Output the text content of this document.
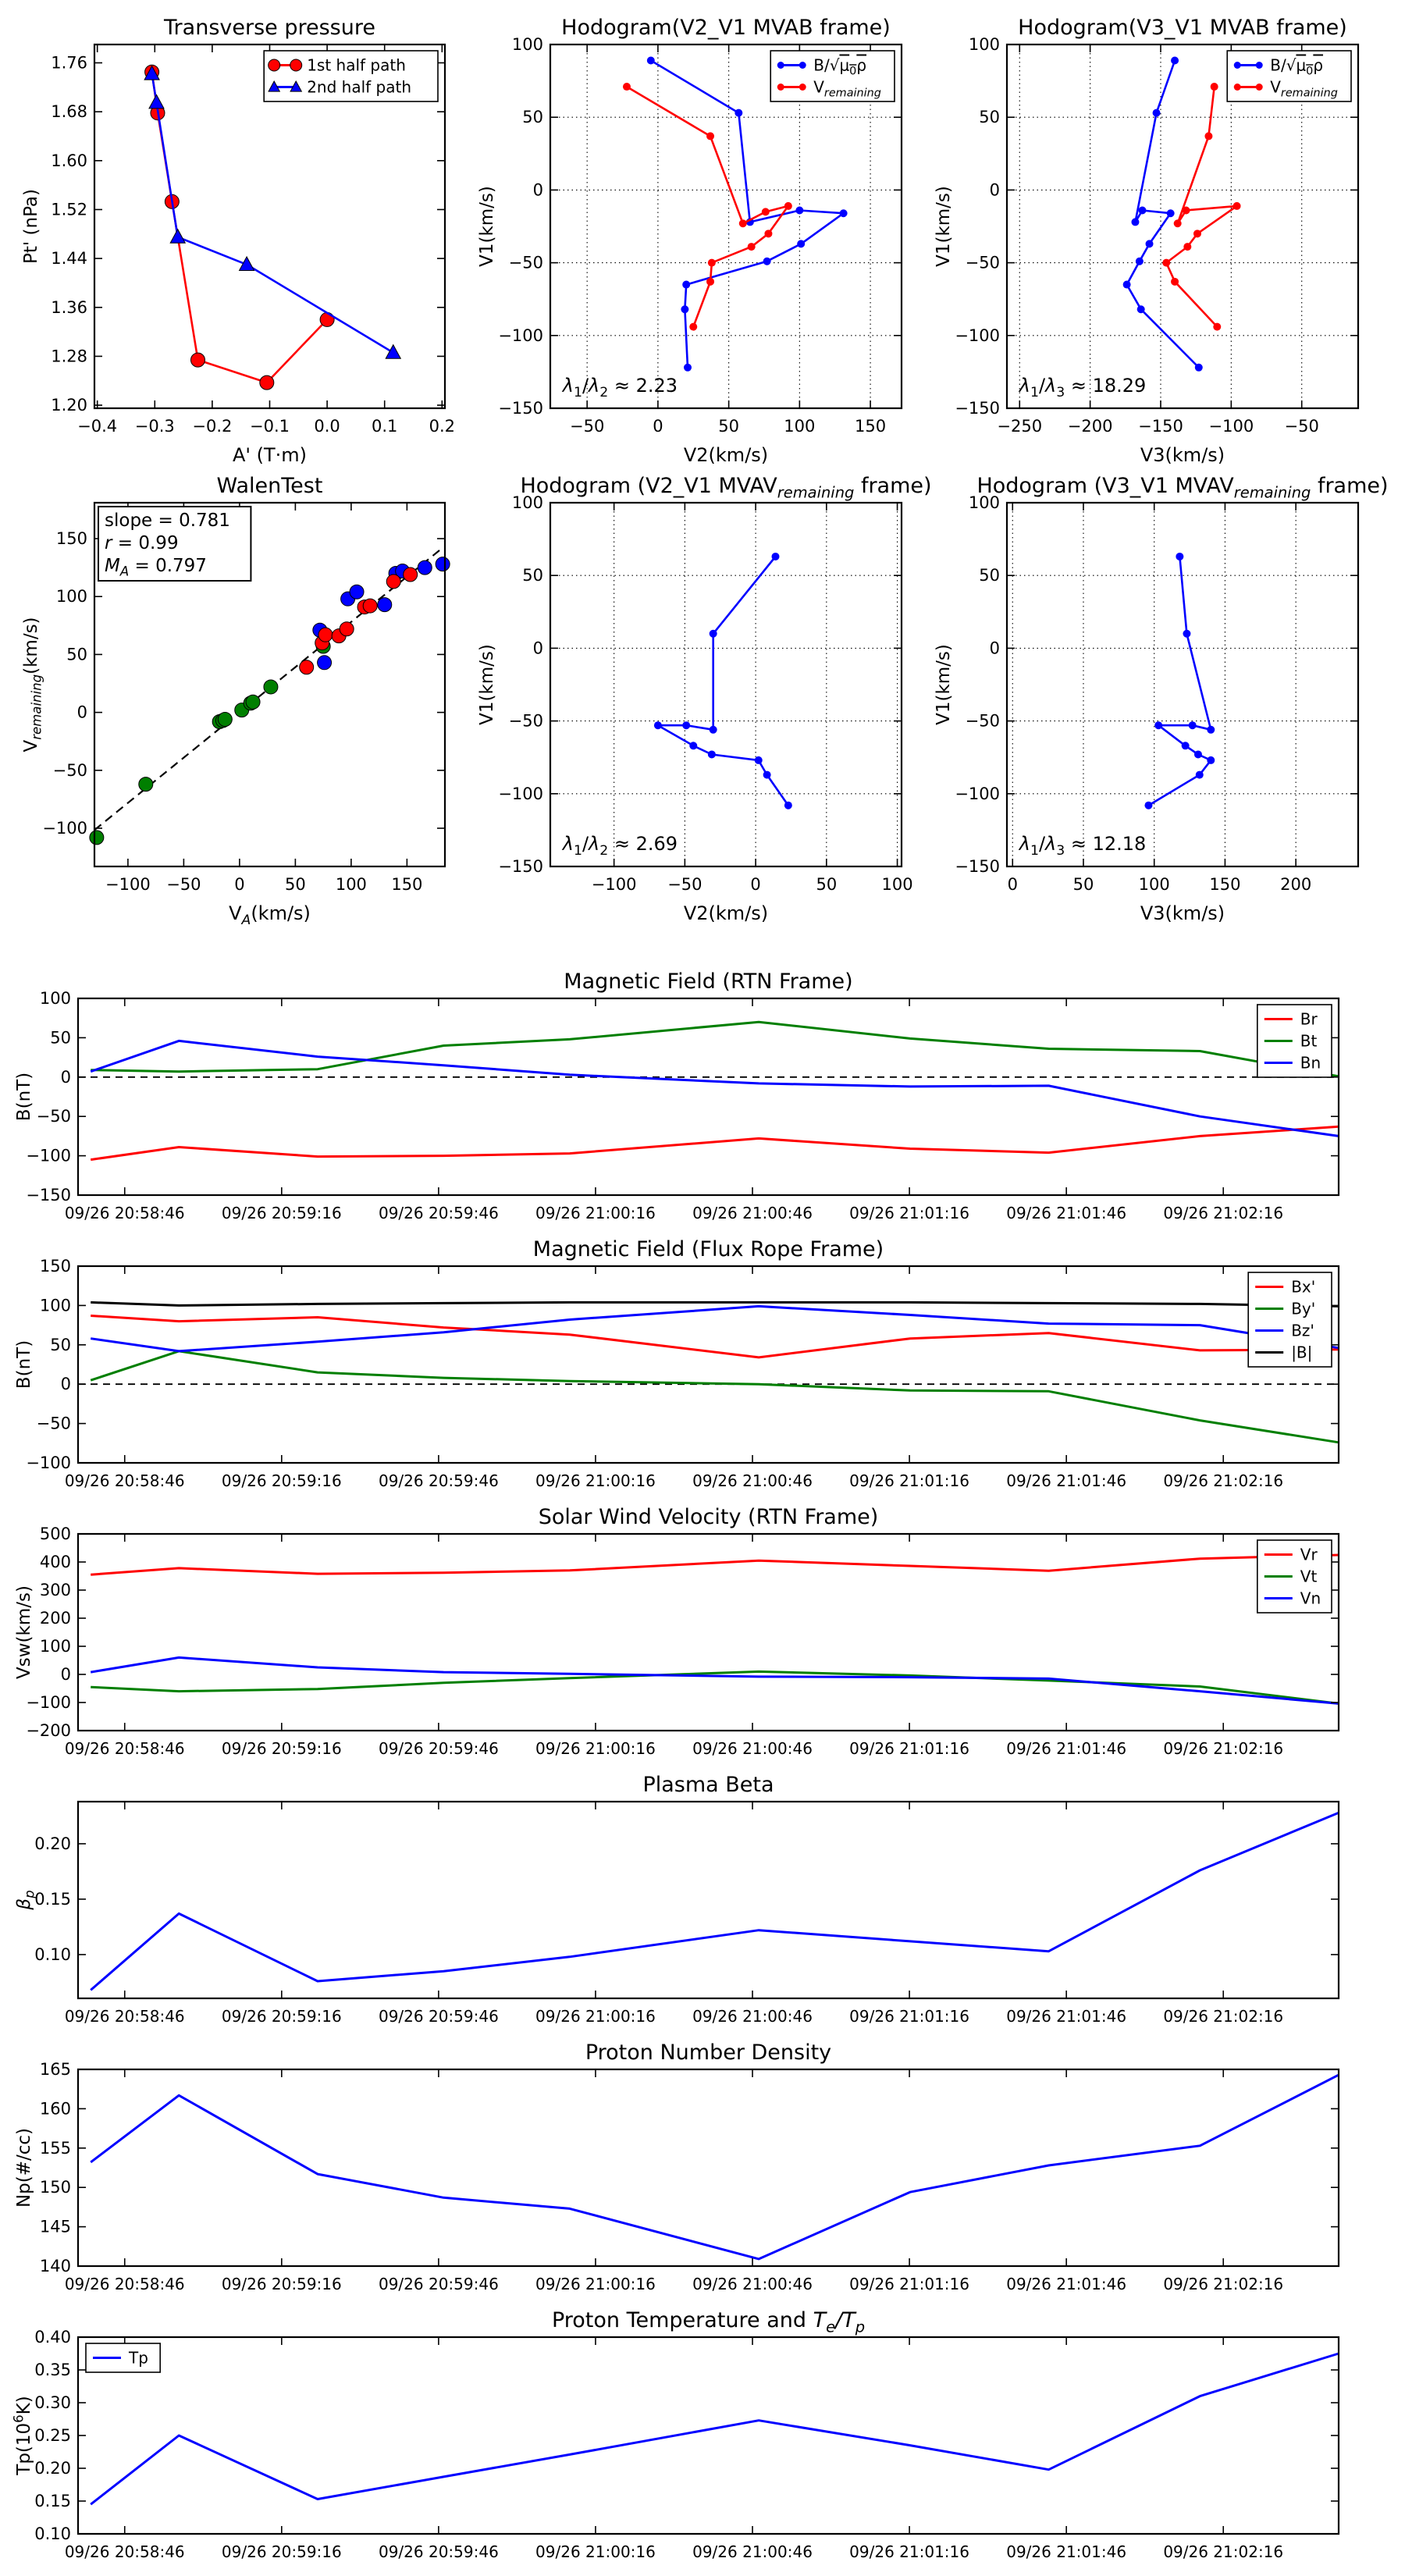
−0.4 −0.3 −0.2 −0.1 0.0 0.1 0.2
1.20
1.28
1.36
1.44
1.52
1.60
1.68
1.76
Transverse pressure
A' (T·m)
Pt' (nPa)
1st half path
2nd half path
−50	0	50	100 150
−150
−100
−50
0
50
100
Hodogram(V2_V1 MVAB frame)
V2(km/s)
V1(km/s)
$\lambda_1/\lambda_2 \approx 2.23$
$B/√\mu_0\rho$
$V_{remaining}$
−250 −200 −150 −100 −50
−150
−100
−50
0
50
100
Hodogram(V3_V1 MVAB frame)
V3(km/s)
V1(km/s)
$\lambda_1/\lambda_3 \approx 18.29$
$B/√\mu_0\rho$
$V_{remaining}$
−100 −50 0 50 100 150
−100
−50
0
50
100
150
WalenTest
$V_A(km/s)$
$V_{remaining}(km/s)$
slope = 0.781
r = 0.99
$M_A = 0.797$
−100 −50	0	50	100
−150
−100
−50
0
50
100
Hodogram (V2_V1 $MVAV_{remaining}$ frame)
V2(km/s)
V1(km/s)
$\lambda_1/\lambda_2 \approx 2.69$
0	50	100 150 200
−150
−100
−50
0
50
100
Hodogram (V3_V1 $MVAV_{remaining}$ frame)
V3(km/s)
V1(km/s)
$\lambda_1/\lambda_3 \approx 12.18$
09/26 20:58:46 09/26 20:59:16 09/26 20:59:46 09/26 21:00:16 09/26 21:00:46 09/26 21:01:16 09/26 21:01:46 09/26 21:02:16
−150
−100
−50
0
50
100
Magnetic Field (RTN Frame)
B(nT)
Br
Bt
Bn
09/26 20:58:46 09/26 20:59:16 09/26 20:59:46 09/26 21:00:16 09/26 21:00:46 09/26 21:01:16 09/26 21:01:46 09/26 21:02:16
−100
−50
0
50
100
150
Magnetic Field (Flux Rope Frame)
B(nT)
Bx'
By'
Bz'
|B|
09/26 20:58:46 09/26 20:59:16 09/26 20:59:46 09/26 21:00:16 09/26 21:00:46 09/26 21:01:16 09/26 21:01:46 09/26 21:02:16
−200
−100
0
100
200
300
400
500
Solar Wind Velocity (RTN Frame)
Vsw(km/s)
Vr
Vt
Vn
09/26 20:58:46 09/26 20:59:16 09/26 20:59:46 09/26 21:00:16 09/26 21:00:46 09/26 21:01:16 09/26 21:01:46 09/26 21:02:16
0.10
0.15
0.20
Plasma Beta
$\beta_p$
09/26 20:58:46 09/26 20:59:16 09/26 20:59:46 09/26 21:00:16 09/26 21:00:46 09/26 21:01:16 09/26 21:01:46 09/26 21:02:16
140
145
150
155
160
165
Proton Number Density
Np(#/cc)
09/26 20:58:46 09/26 20:59:16 09/26 20:59:46 09/26 21:00:16 09/26 21:00:46 09/26 21:01:16 09/26 21:01:46 09/26 21:02:16
0.10
0.15
0.20
0.25
0.30
0.35
0.40
Proton Temperature and $T_e/T_p$
$Tp(10^6K)$
Tp
